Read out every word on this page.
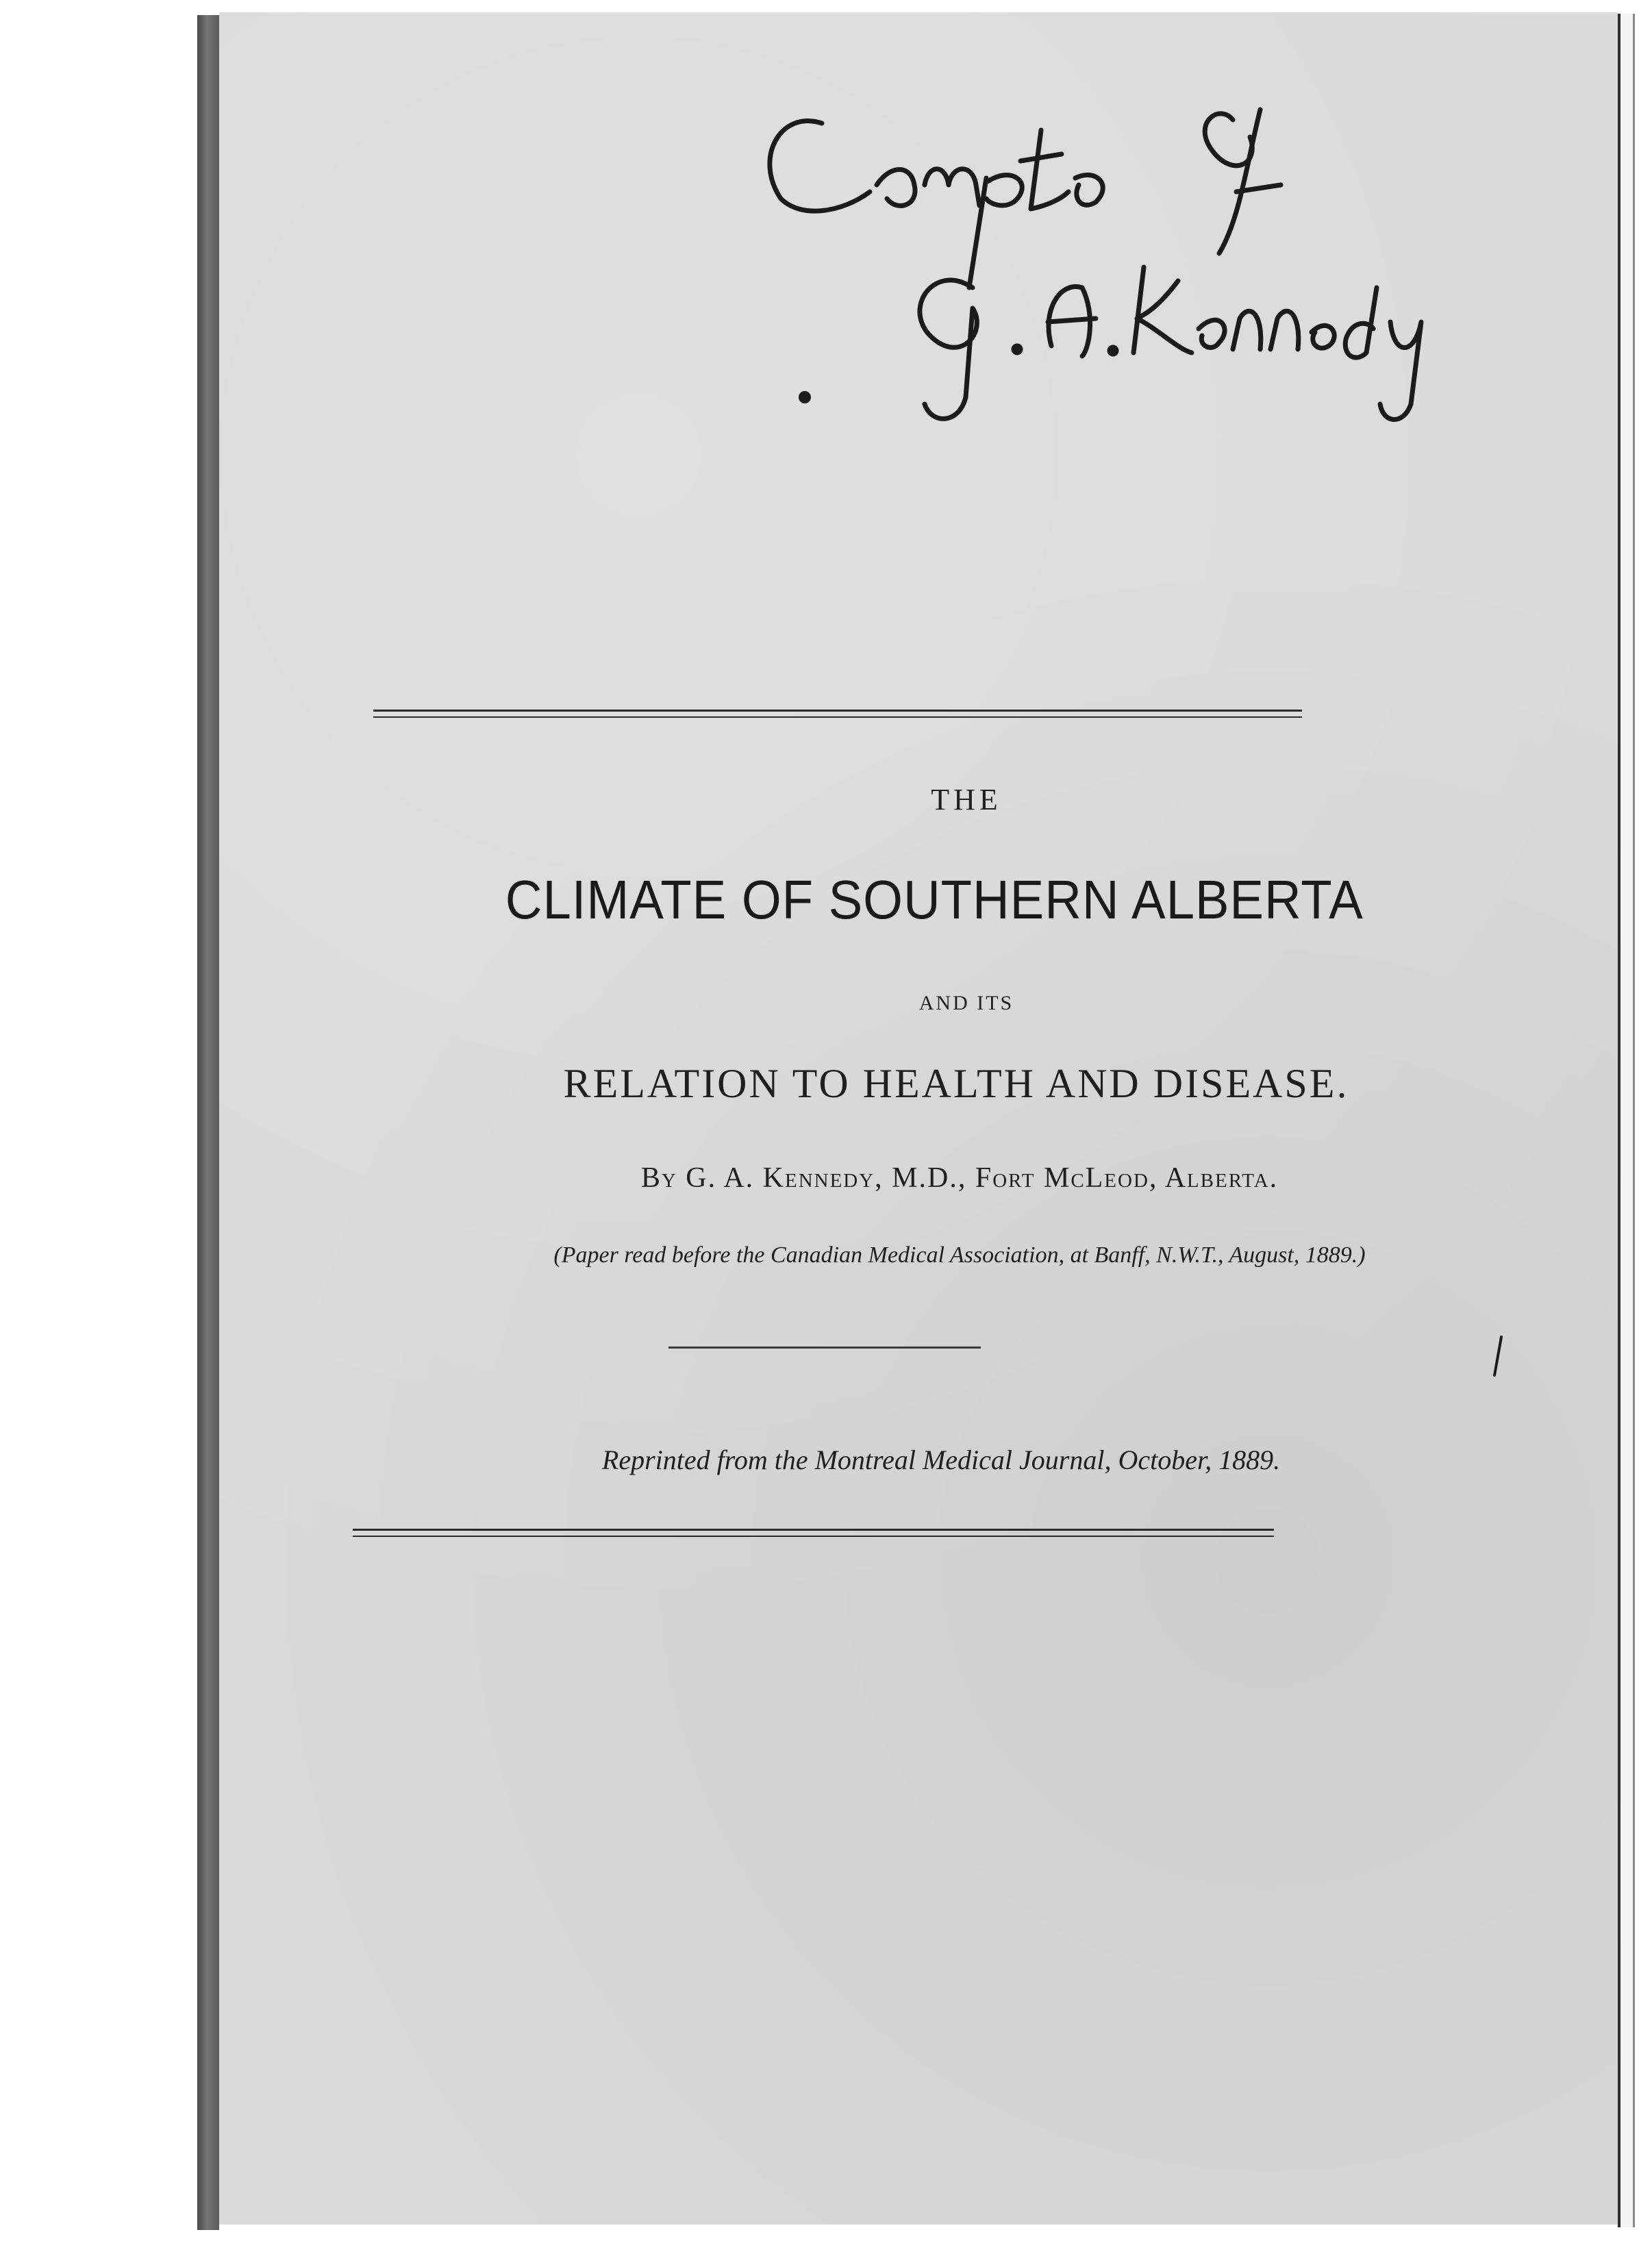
THE
CLIMATE OF SOUTHERN ALBERTA
AND ITS
RELATION TO HEALTH AND DISEASE.
By G. A. Kennedy, M.D., Fort McLeod, Alberta.
(Paper read before the Canadian Medical Association, at Banff, N.W.T., August, 1889.)
Reprinted from the Montreal Medical Journal, October, 1889.
